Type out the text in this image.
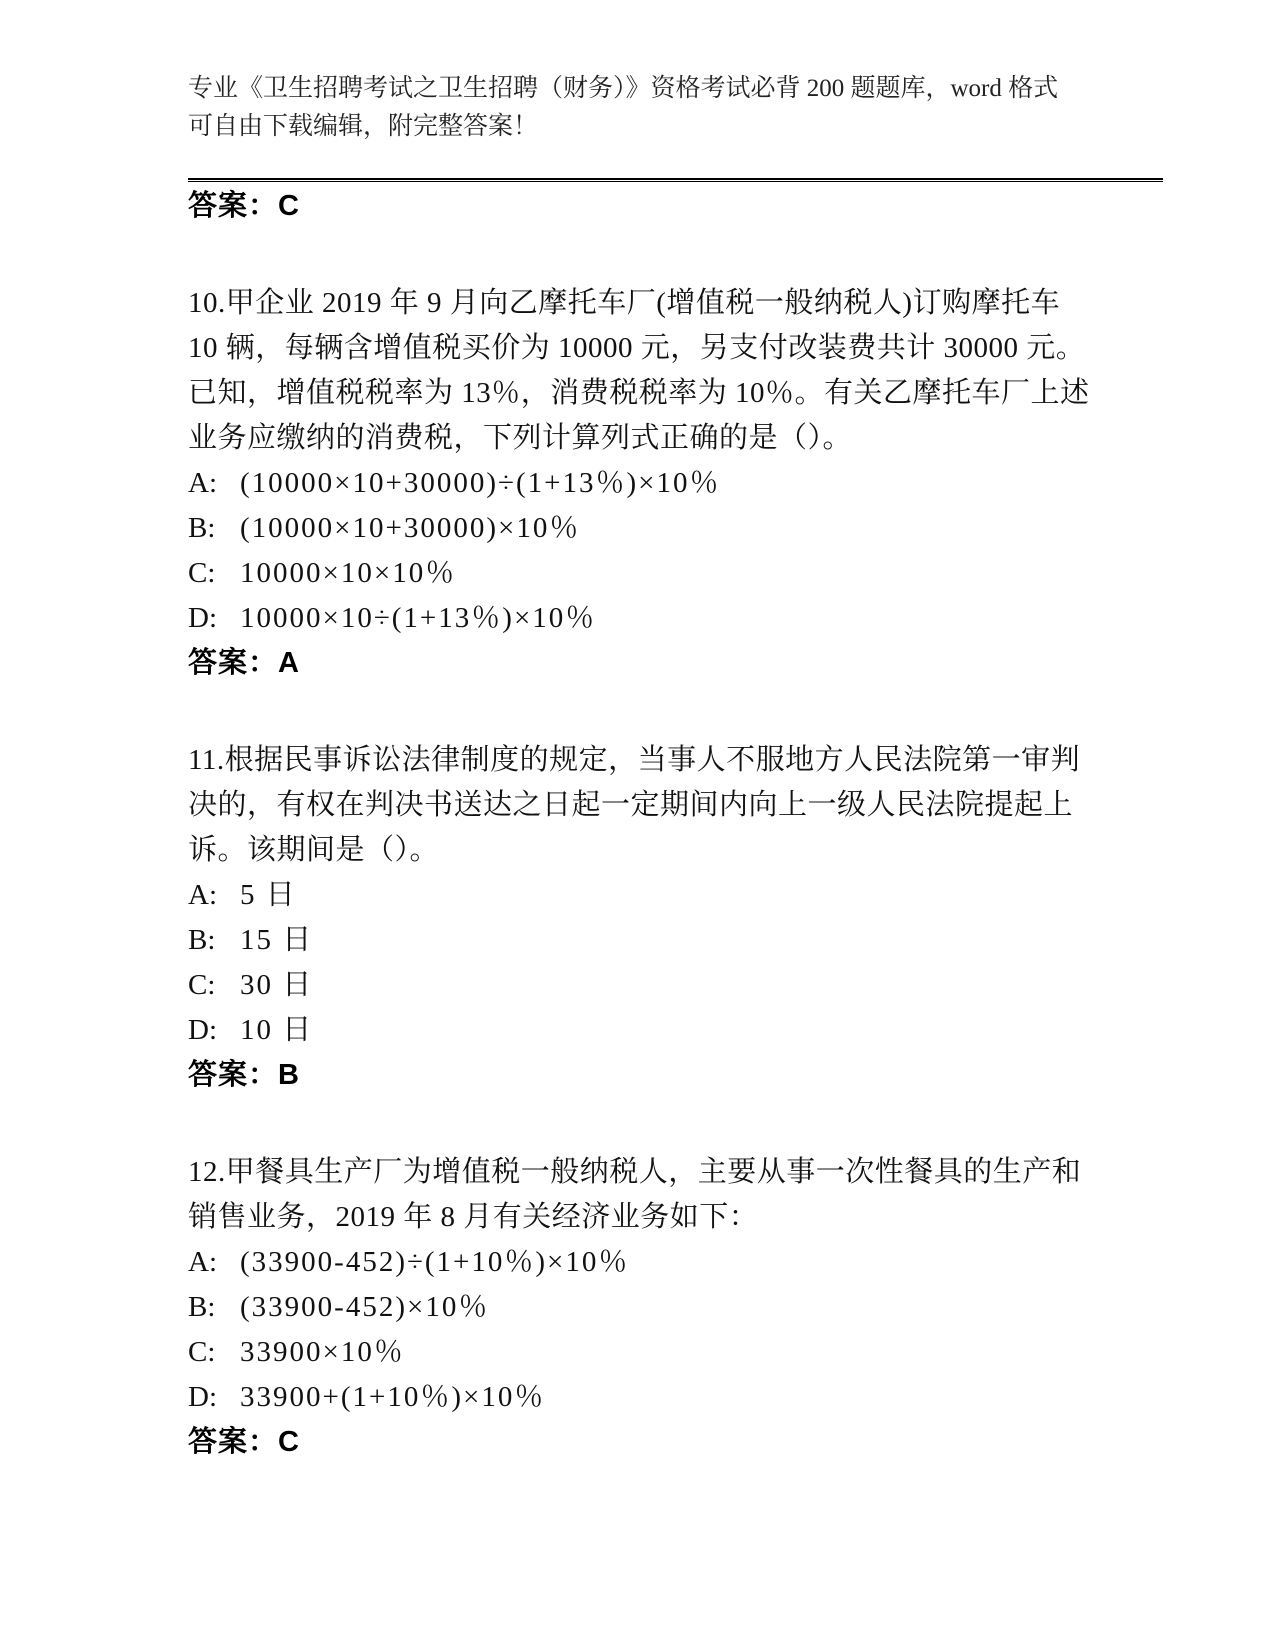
专业《卫生招聘考试之卫生招聘（财务）》资格考试必背 200 题题库，word 格式
可自由下载编辑，附完整答案！
答案：C
10.甲企业 2019 年 9 月向乙摩托车厂(增值税一般纳税人)订购摩托车
10 辆，每辆含增值税买价为 10000 元，另支付改装费共计 30000 元。
已知，增值税税率为 13％，消费税税率为 10％。有关乙摩托车厂上述
业务应缴纳的消费税，下列计算列式正确的是（）。
A: (10000×10+30000)÷(1+13％)×10％
B: (10000×10+30000)×10％
C: 10000×10×10％
D: 10000×10÷(1+13％)×10％
答案：A
11.根据民事诉讼法律制度的规定，当事人不服地方人民法院第一审判
决的，有权在判决书送达之日起一定期间内向上一级人民法院提起上
诉。该期间是（）。
A: 5 日
B: 15 日
C: 30 日
D: 10 日
答案：B
12.甲餐具生产厂为增值税一般纳税人，主要从事一次性餐具的生产和
销售业务，2019 年 8 月有关经济业务如下：
A: (33900-452)÷(1+10％)×10％
B: (33900-452)×10％
C: 33900×10％
D: 33900+(1+10％)×10％
答案：C
